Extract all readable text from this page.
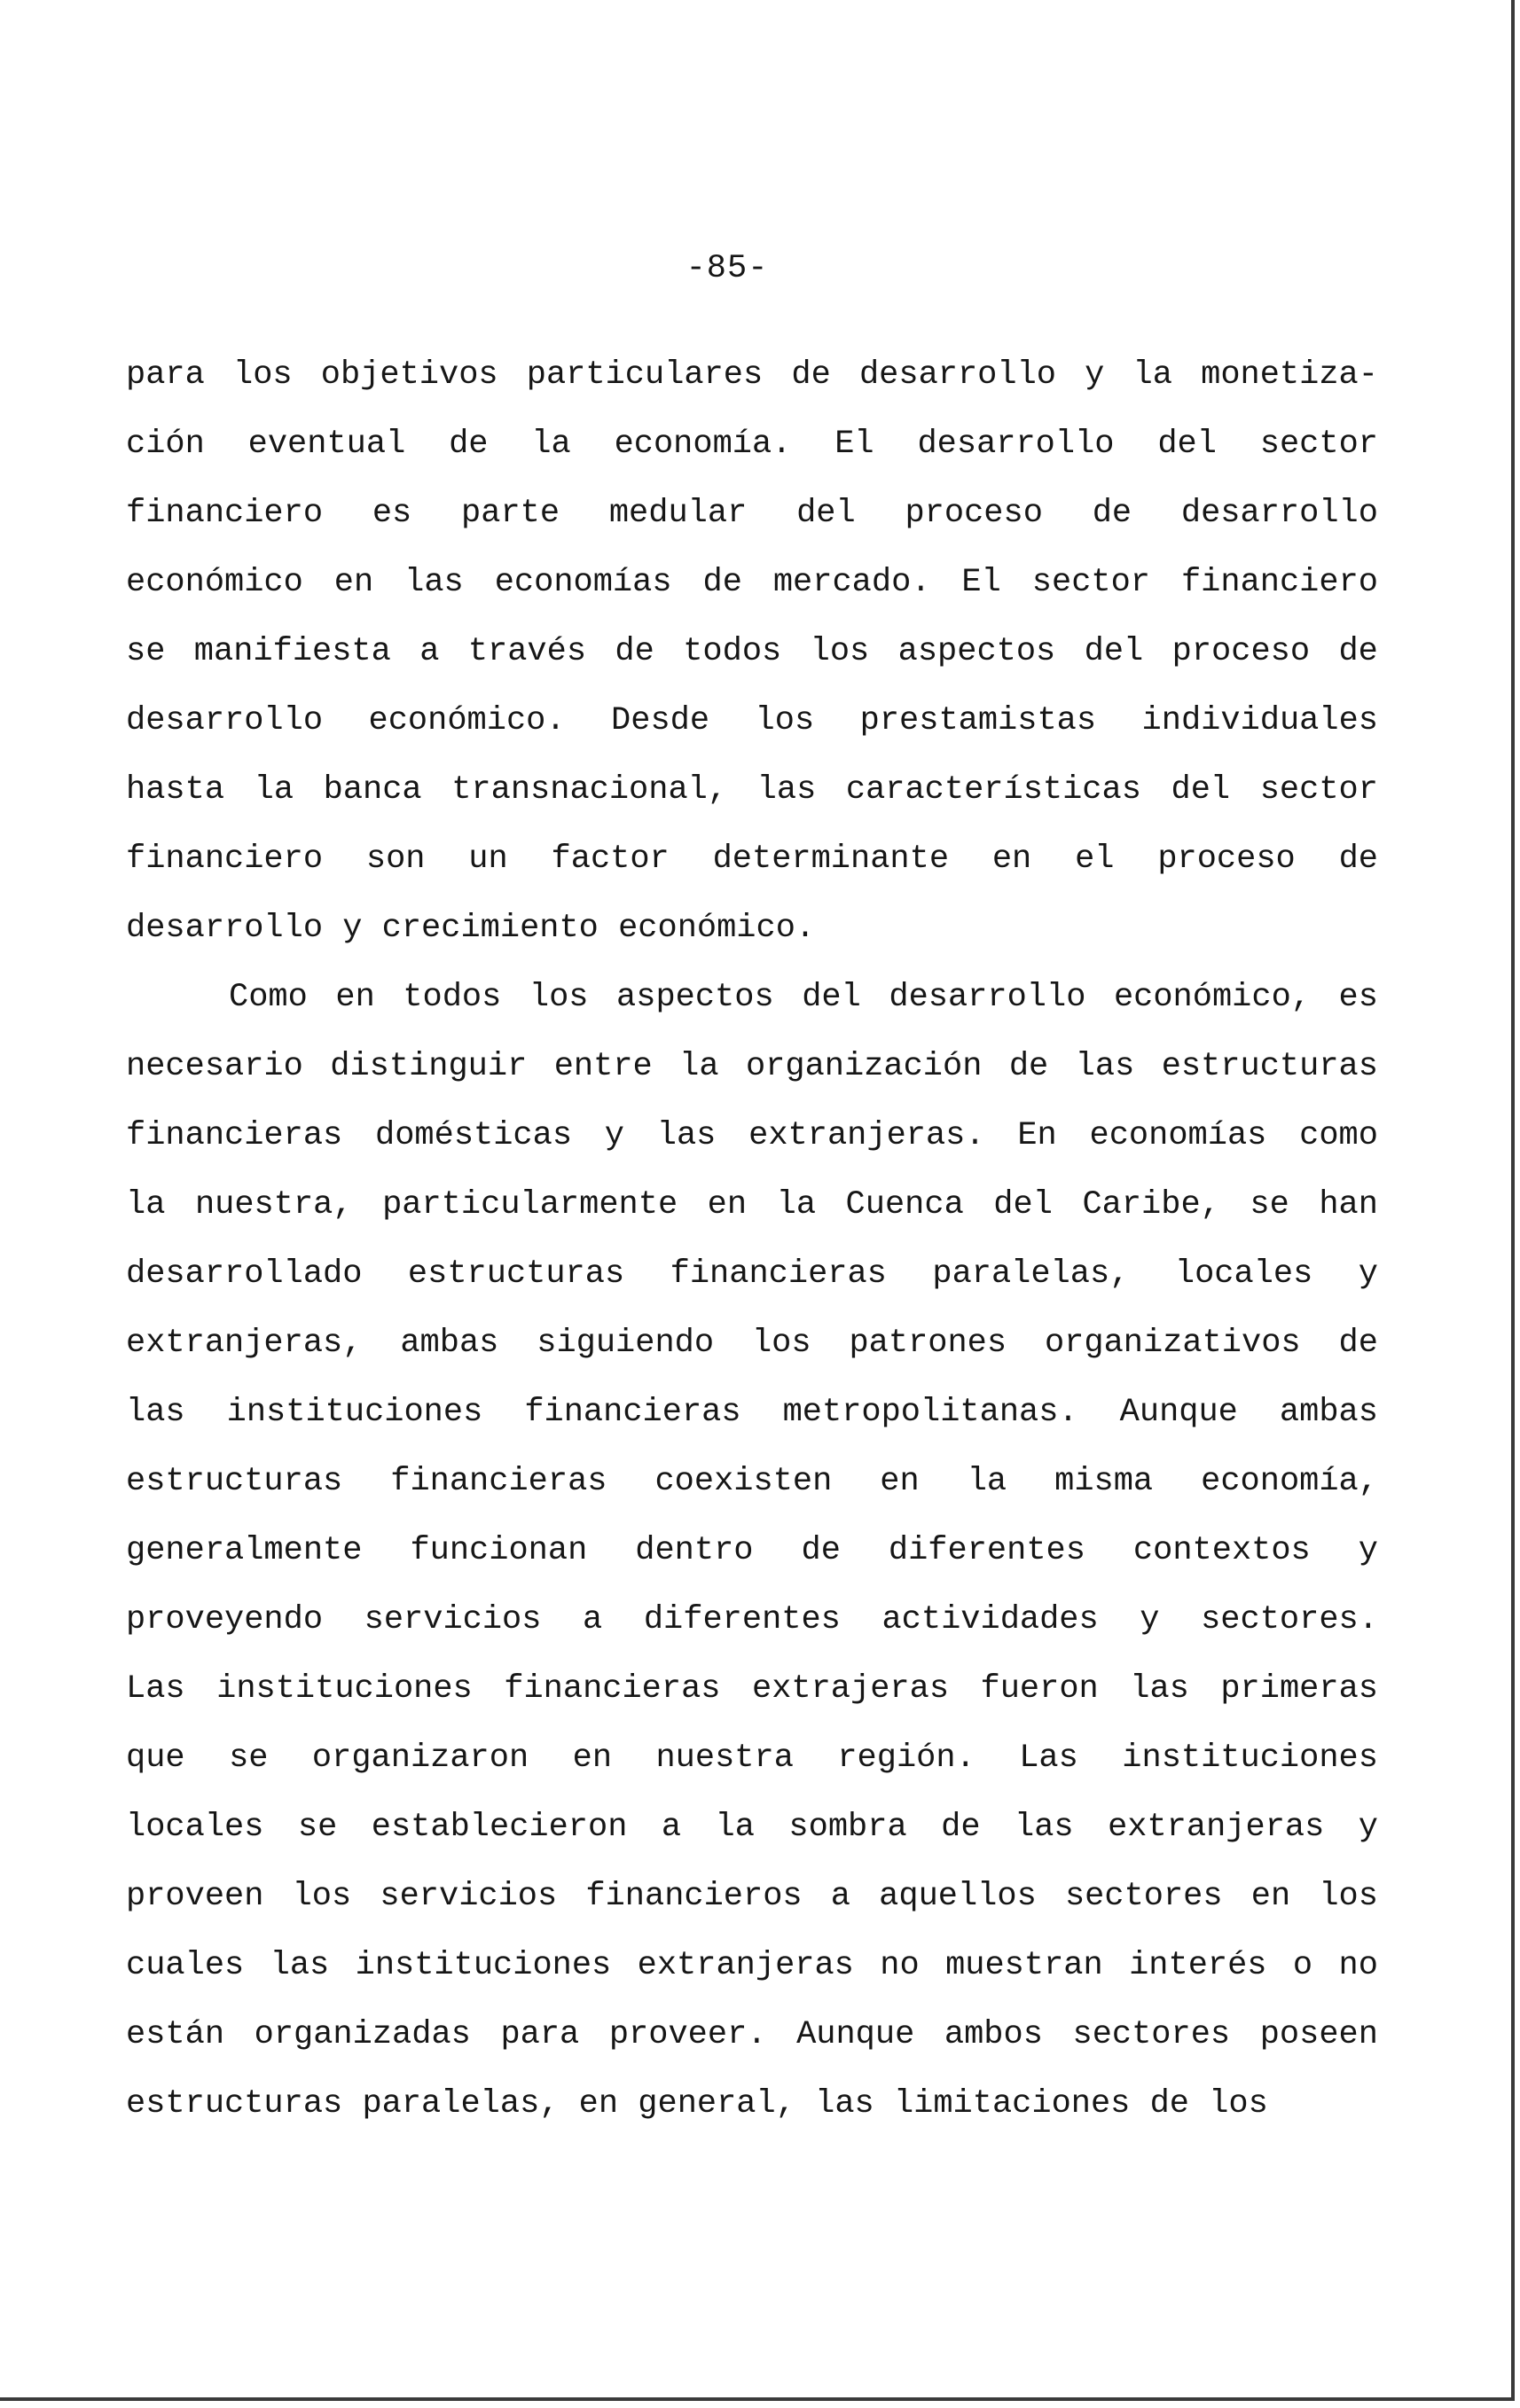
-85-
para los objetivos particulares de desarrollo y la monetiza-
ción eventual de la economía. El desarrollo del sector
financiero es parte medular del proceso de desarrollo
económico en las economías de mercado. El sector financiero
se manifiesta a través de todos los aspectos del proceso de
desarrollo económico. Desde los prestamistas individuales
hasta la banca transnacional, las características del sector
financiero son un factor determinante en el proceso de
desarrollo y crecimiento económico.
Como en todos los aspectos del desarrollo económico, es
necesario distinguir entre la organización de las estructuras
financieras domésticas y las extranjeras. En economías como
la nuestra, particularmente en la Cuenca del Caribe, se han
desarrollado estructuras financieras paralelas, locales y
extranjeras, ambas siguiendo los patrones organizativos de
las instituciones financieras metropolitanas. Aunque ambas
estructuras financieras coexisten en la misma economía,
generalmente funcionan dentro de diferentes contextos y
proveyendo servicios a diferentes actividades y sectores.
Las instituciones financieras extrajeras fueron las primeras
que se organizaron en nuestra región. Las instituciones
locales se establecieron a la sombra de las extranjeras y
proveen los servicios financieros a aquellos sectores en los
cuales las instituciones extranjeras no muestran interés o no
están organizadas para proveer. Aunque ambos sectores poseen
estructuras paralelas, en general, las limitaciones de los
